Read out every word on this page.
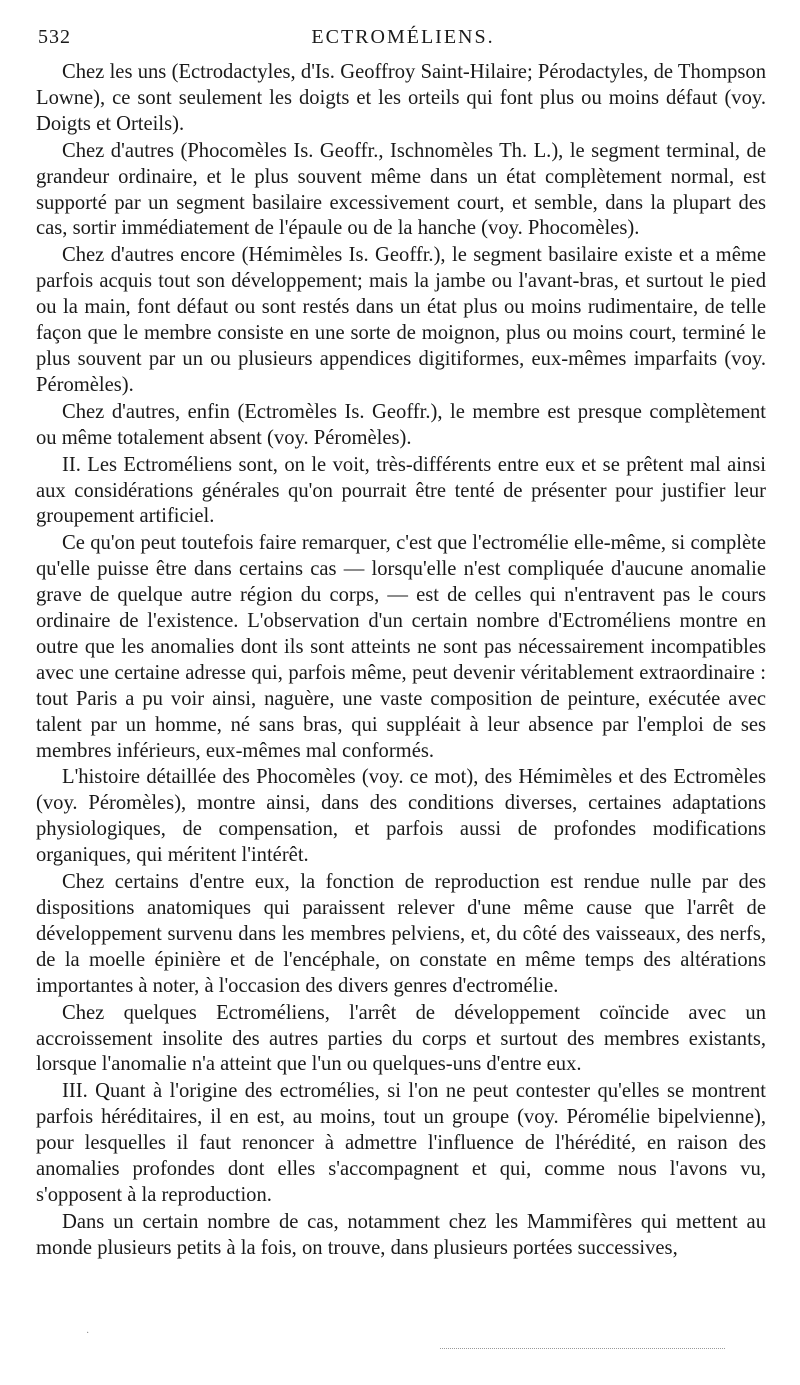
532	ECTROMÉLIENS.

Chez les uns (Ectrodactyles, d'Is. Geoffroy Saint-Hilaire; Pérodactyles, de Thompson Lowne), ce sont seulement les doigts et les orteils qui font plus ou moins défaut (voy. Doigts et Orteils).

Chez d'autres (Phocomèles Is. Geoffr., Ischnomèles Th. L.), le segment terminal, de grandeur ordinaire, et le plus souvent même dans un état complètement normal, est supporté par un segment basilaire excessivement court, et semble, dans la plupart des cas, sortir immédiatement de l'épaule ou de la hanche (voy. Phocomèles).

Chez d'autres encore (Hémimèles Is. Geoffr.), le segment basilaire existe et a même parfois acquis tout son développement; mais la jambe ou l'avant-bras, et surtout le pied ou la main, font défaut ou sont restés dans un état plus ou moins rudimentaire, de telle façon que le membre consiste en une sorte de moignon, plus ou moins court, terminé le plus souvent par un ou plusieurs appendices digitiformes, eux-mêmes imparfaits (voy. Péromèles).

Chez d'autres, enfin (Ectromèles Is. Geoffr.), le membre est presque complètement ou même totalement absent (voy. Péromèles).

II. Les Ectroméliens sont, on le voit, très-différents entre eux et se prêtent mal ainsi aux considérations générales qu'on pourrait être tenté de présenter pour justifier leur groupement artificiel.

Ce qu'on peut toutefois faire remarquer, c'est que l'ectromélie elle-même, si complète qu'elle puisse être dans certains cas — lorsqu'elle n'est compliquée d'aucune anomalie grave de quelque autre région du corps, — est de celles qui n'entravent pas le cours ordinaire de l'existence. L'observation d'un certain nombre d'Ectroméliens montre en outre que les anomalies dont ils sont atteints ne sont pas nécessairement incompatibles avec une certaine adresse qui, parfois même, peut devenir véritablement extraordinaire : tout Paris a pu voir ainsi, naguère, une vaste composition de peinture, exécutée avec talent par un homme, né sans bras, qui suppléait à leur absence par l'emploi de ses membres inférieurs, eux-mêmes mal conformés.

L'histoire détaillée des Phocomèles (voy. ce mot), des Hémimèles et des Ectromèles (voy. Péromèles), montre ainsi, dans des conditions diverses, certaines adaptations physiologiques, de compensation, et parfois aussi de profondes modifications organiques, qui méritent l'intérêt.

Chez certains d'entre eux, la fonction de reproduction est rendue nulle par des dispositions anatomiques qui paraissent relever d'une même cause que l'arrêt de développement survenu dans les membres pelviens, et, du côté des vaisseaux, des nerfs, de la moelle épinière et de l'encéphale, on constate en même temps des altérations importantes à noter, à l'occasion des divers genres d'ectromélie.

Chez quelques Ectroméliens, l'arrêt de développement coïncide avec un accroissement insolite des autres parties du corps et surtout des membres existants, lorsque l'anomalie n'a atteint que l'un ou quelques-uns d'entre eux.

III. Quant à l'origine des ectromélies, si l'on ne peut contester qu'elles se montrent parfois héréditaires, il en est, au moins, tout un groupe (voy. Péromélie bipelvienne), pour lesquelles il faut renoncer à admettre l'influence de l'hérédité, en raison des anomalies profondes dont elles s'accompagnent et qui, comme nous l'avons vu, s'opposent à la reproduction.

Dans un certain nombre de cas, notamment chez les Mammifères qui mettent au monde plusieurs petits à la fois, on trouve, dans plusieurs portées successives,

·
